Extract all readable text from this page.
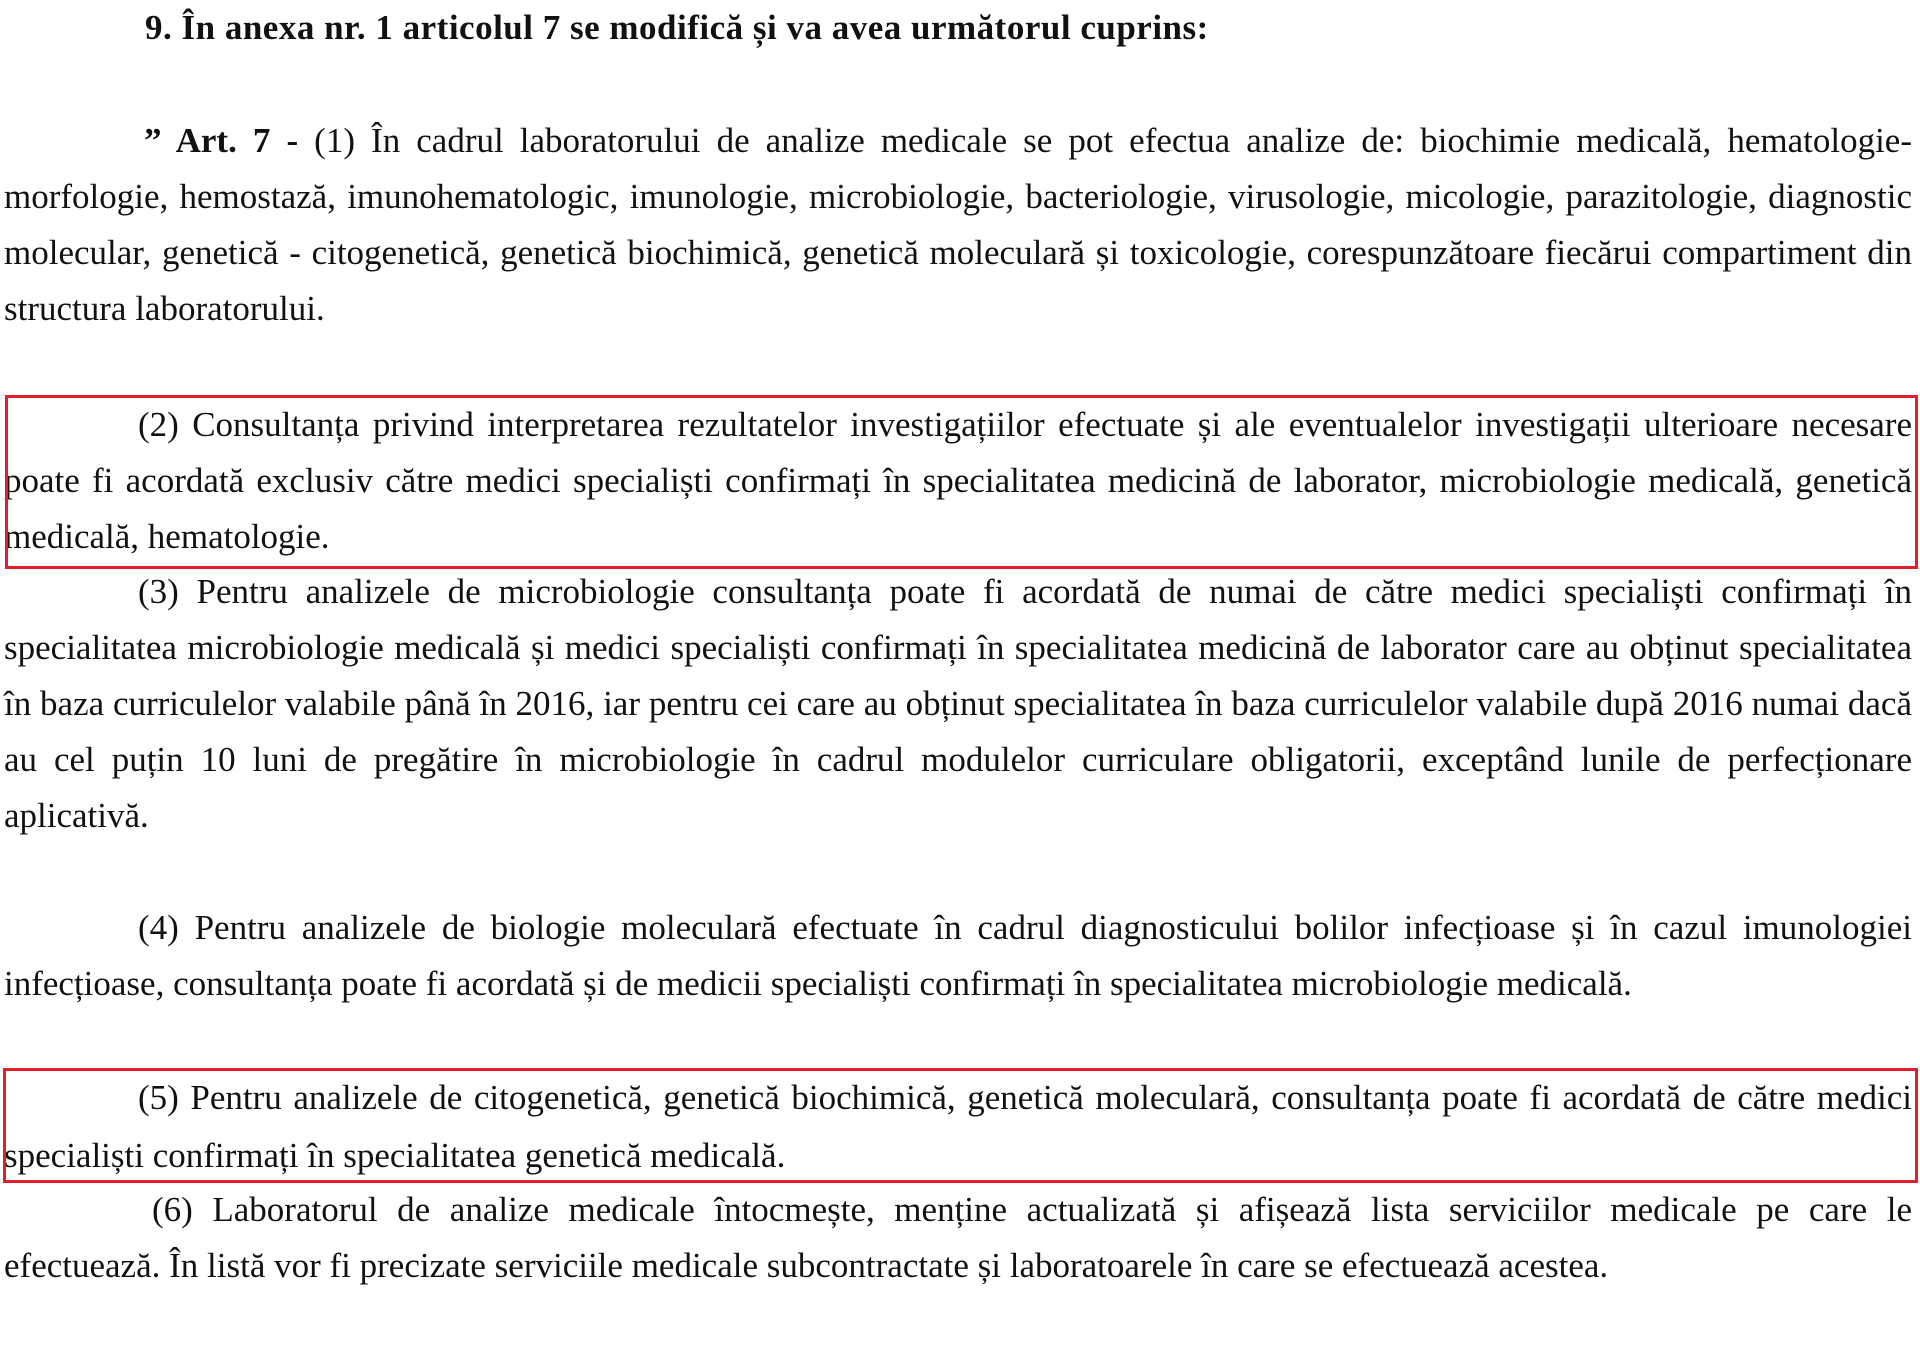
9. În anexa nr. 1 articolul 7 se modifică și va avea următorul cuprins:

” Art. 7 - (1) În cadrul laboratorului de analize medicale se pot efectua analize de: biochimie medicală, hematologie-morfologie, hemostază, imunohematologic, imunologie, microbiologie, bacteriologie, virusologie, micologie, parazitologie, diagnostic molecular, genetică - citogenetică, genetică biochimică, genetică moleculară și toxicologie, corespunzătoare fiecărui compartiment din structura laboratorului.

(2) Consultanța privind interpretarea rezultatelor investigațiilor efectuate și ale eventualelor investigații ulterioare necesare poate fi acordată exclusiv către medici specialiști confirmați în specialitatea medicină de laborator, microbiologie medicală, genetică medicală, hematologie.

(3) Pentru analizele de microbiologie consultanța poate fi acordată de numai de către medici specialiști confirmați în specialitatea microbiologie medicală și medici specialiști confirmați în specialitatea medicină de laborator care au obținut specialitatea în baza curriculelor valabile până în 2016, iar pentru cei care au obținut specialitatea în baza curriculelor valabile după 2016 numai dacă au cel puțin 10 luni de pregătire în microbiologie în cadrul modulelor curriculare obligatorii, exceptând lunile de perfecționare aplicativă.

(4) Pentru analizele de biologie moleculară efectuate în cadrul diagnosticului bolilor infecțioase și în cazul imunologiei infecțioase, consultanța poate fi acordată și de medicii specialiști confirmați în specialitatea microbiologie medicală.

(5) Pentru analizele de citogenetică, genetică biochimică, genetică moleculară, consultanța poate fi acordată de către medici specialiști confirmați în specialitatea genetică medicală.

(6) Laboratorul de analize medicale întocmește, menține actualizată și afișează lista serviciilor medicale pe care le efectuează. În listă vor fi precizate serviciile medicale subcontractate și laboratoarele în care se efectuează acestea.
